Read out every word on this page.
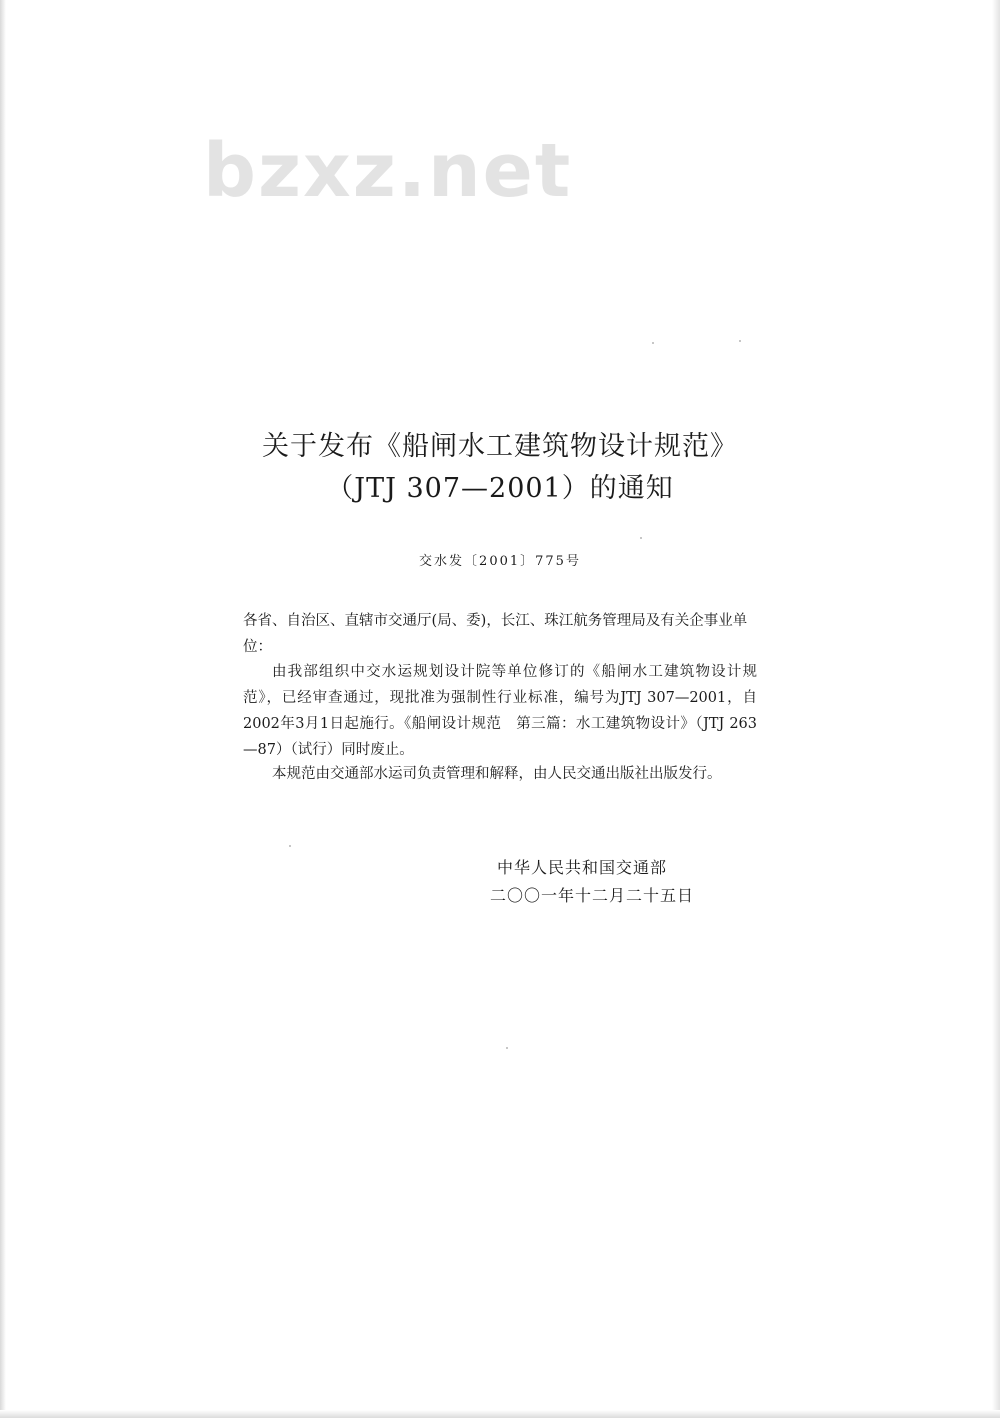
bzxz.net
关于发布《船闸水工建筑物设计规范》
（JTJ 307—2001）的通知
交水发〔2001〕775号
各省、自治区、直辖市交通厅(局、委)，长江、珠江航务管理局及有关企事业单位：
由我部组织中交水运规划设计院等单位修订的《船闸水工建筑物设计规范》，已经审查通过，现批准为强制性行业标准，编号为JTJ 307—2001，自2002年3月1日起施行。《船闸设计规范　第三篇：水工建筑物设计》（JTJ 263—87）（试行）同时废止。
本规范由交通部水运司负责管理和解释，由人民交通出版社出版发行。
中华人民共和国交通部
二〇〇一年十二月二十五日
